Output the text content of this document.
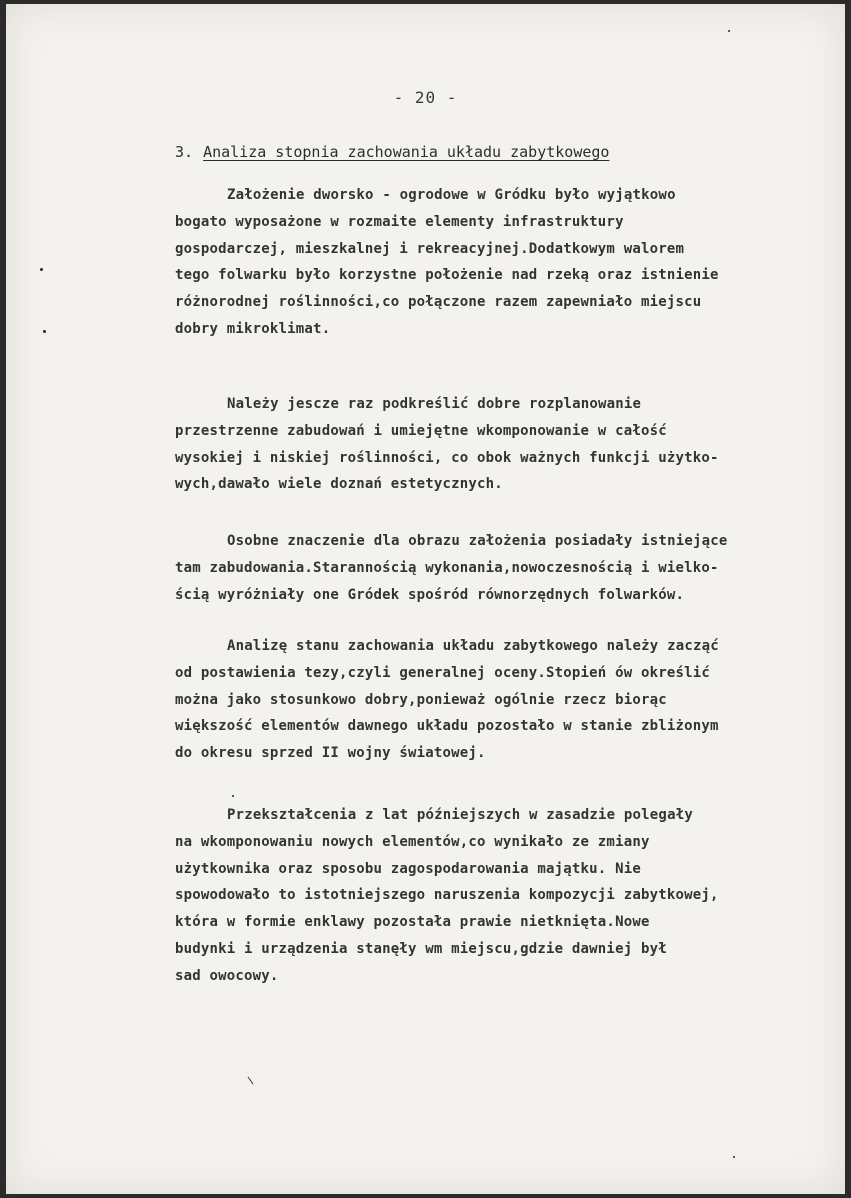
- 20 -
3. Analiza stopnia zachowania układu zabytkowego
Założenie dworsko - ogrodowe w Gródku było wyjątkowo
bogato wyposażone w rozmaite elementy infrastruktury
gospodarczej, mieszkalnej i rekreacyjnej.Dodatkowym walorem
tego folwarku było korzystne położenie nad rzeką oraz istnienie
różnorodnej roślinności,co połączone razem zapewniało miejscu
dobry mikroklimat.
Należy jescze raz podkreślić dobre rozplanowanie
przestrzenne zabudowań i umiejętne wkomponowanie w całość
wysokiej i niskiej roślinności, co obok ważnych funkcji użytko-
wych,dawało wiele doznań estetycznych.
Osobne znaczenie dla obrazu założenia posiadały istniejące
tam zabudowania.Starannością wykonania,nowoczesnością i wielko-
ścią wyróżniały one Gródek spośród równorzędnych folwarków.
Analizę stanu zachowania układu zabytkowego należy zacząć
od postawienia tezy,czyli generalnej oceny.Stopień ów określić
można jako stosunkowo dobry,ponieważ ogólnie rzecz biorąc
większość elementów dawnego układu pozostało w stanie zbliżonym
do okresu sprzed II wojny światowej.
Przekształcenia z lat późniejszych w zasadzie polegały
na wkomponowaniu nowych elementów,co wynikało ze zmiany
użytkownika oraz sposobu zagospodarowania majątku. Nie
spowodowało to istotniejszego naruszenia kompozycji zabytkowej,
która w formie enklawy pozostała prawie nietknięta.Nowe
budynki i urządzenia stanęły wm miejscu,gdzie dawniej był
sad owocowy.
